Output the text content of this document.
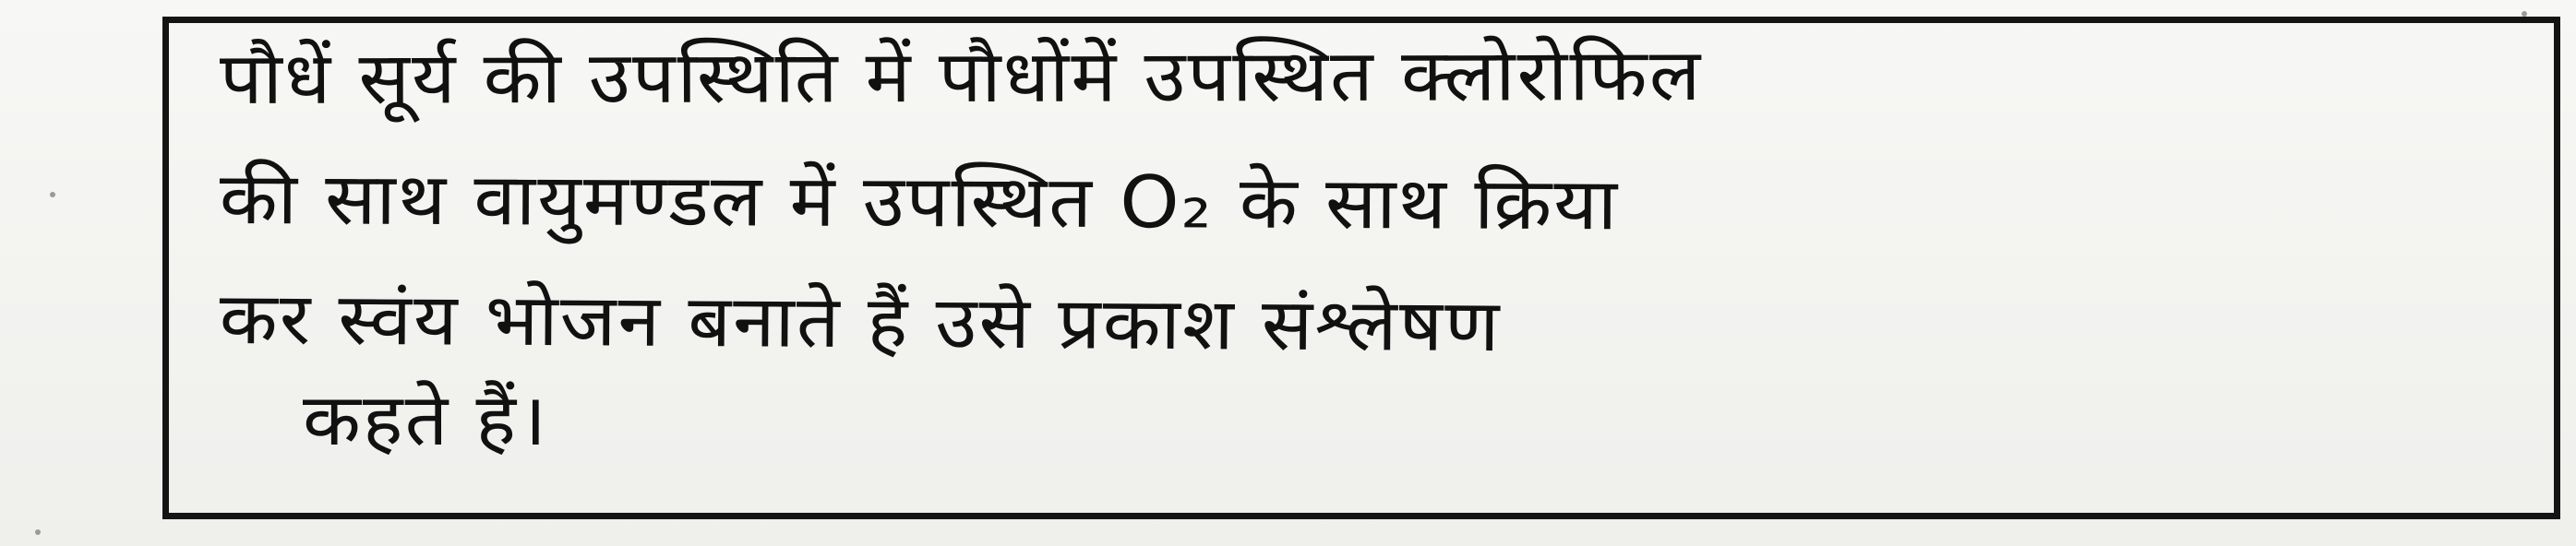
पौधें सूर्य की उपस्थिति में पौधोंमें उपस्थित क्लोरोफिल
की साथ वायुमण्डल में उपस्थित O₂ के साथ क्रिया
कर स्वंय भोजन बनाते हैं उसे प्रकाश संश्लेषण
कहते हैं।
